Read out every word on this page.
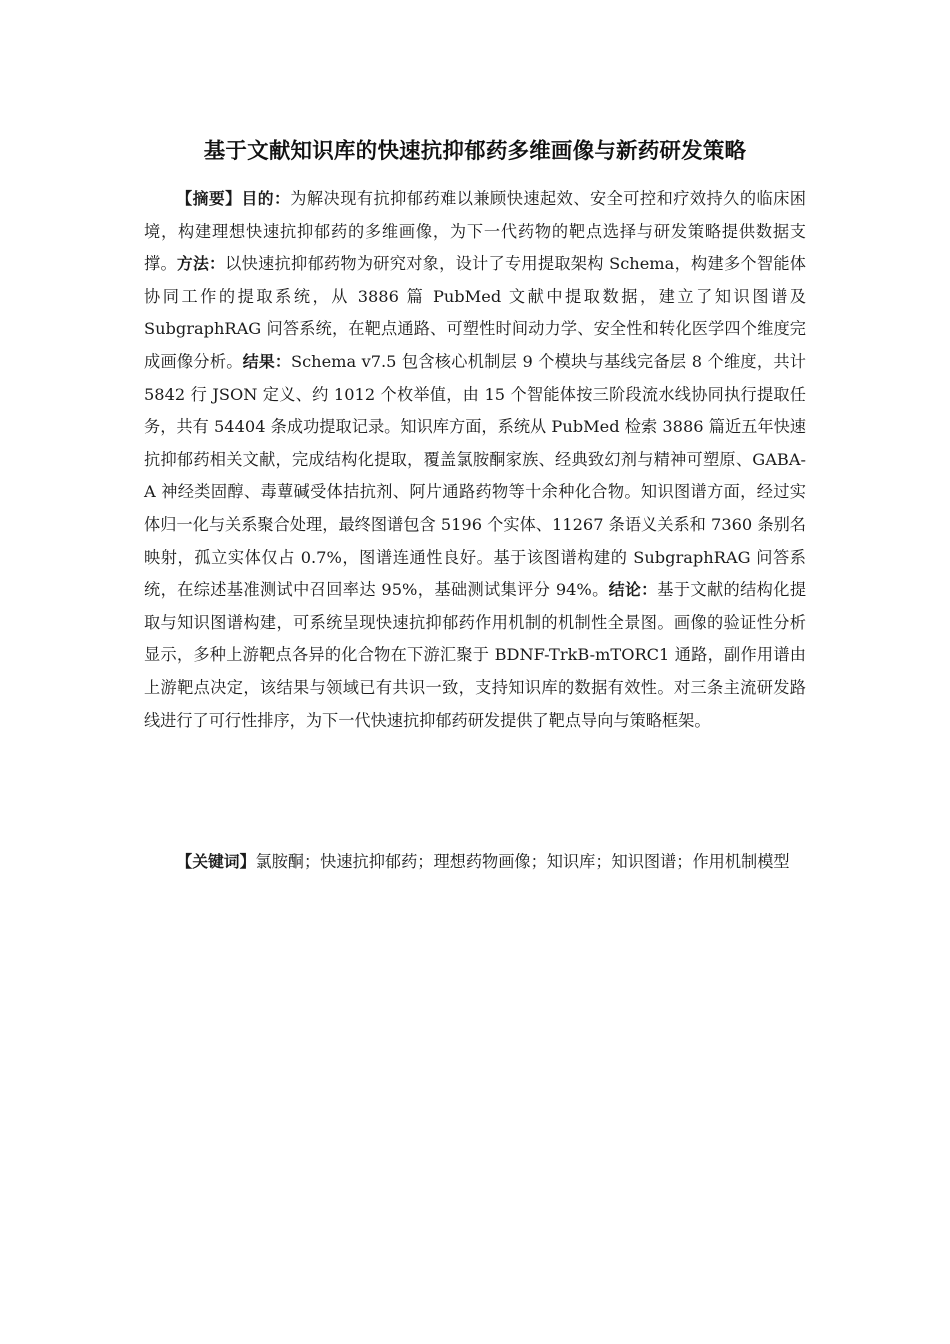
基于文献知识库的快速抗抑郁药多维画像与新药研发策略

【摘要】目的：为解决现有抗抑郁药难以兼顾快速起效、安全可控和疗效持久的临床困境，构建理想快速抗抑郁药的多维画像，为下一代药物的靶点选择与研发策略提供数据支撑。方法：以快速抗抑郁药物为研究对象，设计了专用提取架构 Schema，构建多个智能体协同工作的提取系统，从 3886 篇 PubMed 文献中提取数据，建立了知识图谱及 SubgraphRAG 问答系统，在靶点通路、可塑性时间动力学、安全性和转化医学四个维度完成画像分析。结果：Schema v7.5 包含核心机制层 9 个模块与基线完备层 8 个维度，共计 5842 行 JSON 定义、约 1012 个枚举值，由 15 个智能体按三阶段流水线协同执行提取任务，共有 54404 条成功提取记录。知识库方面，系统从 PubMed 检索 3886 篇近五年快速抗抑郁药相关文献，完成结构化提取，覆盖氯胺酮家族、经典致幻剂与精神可塑原、GABA-A 神经类固醇、毒蕈碱受体拮抗剂、阿片通路药物等十余种化合物。知识图谱方面，经过实体归一化与关系聚合处理，最终图谱包含 5196 个实体、11267 条语义关系和 7360 条别名映射，孤立实体仅占 0.7%，图谱连通性良好。基于该图谱构建的 SubgraphRAG 问答系统，在综述基准测试中召回率达 95%，基础测试集评分 94%。结论：基于文献的结构化提取与知识图谱构建，可系统呈现快速抗抑郁药作用机制的机制性全景图。画像的验证性分析显示，多种上游靶点各异的化合物在下游汇聚于 BDNF-TrkB-mTORC1 通路，副作用谱由上游靶点决定，该结果与领域已有共识一致，支持知识库的数据有效性。对三条主流研发路线进行了可行性排序，为下一代快速抗抑郁药研发提供了靶点导向与策略框架。

【关键词】氯胺酮；快速抗抑郁药；理想药物画像；知识库；知识图谱；作用机制模型
